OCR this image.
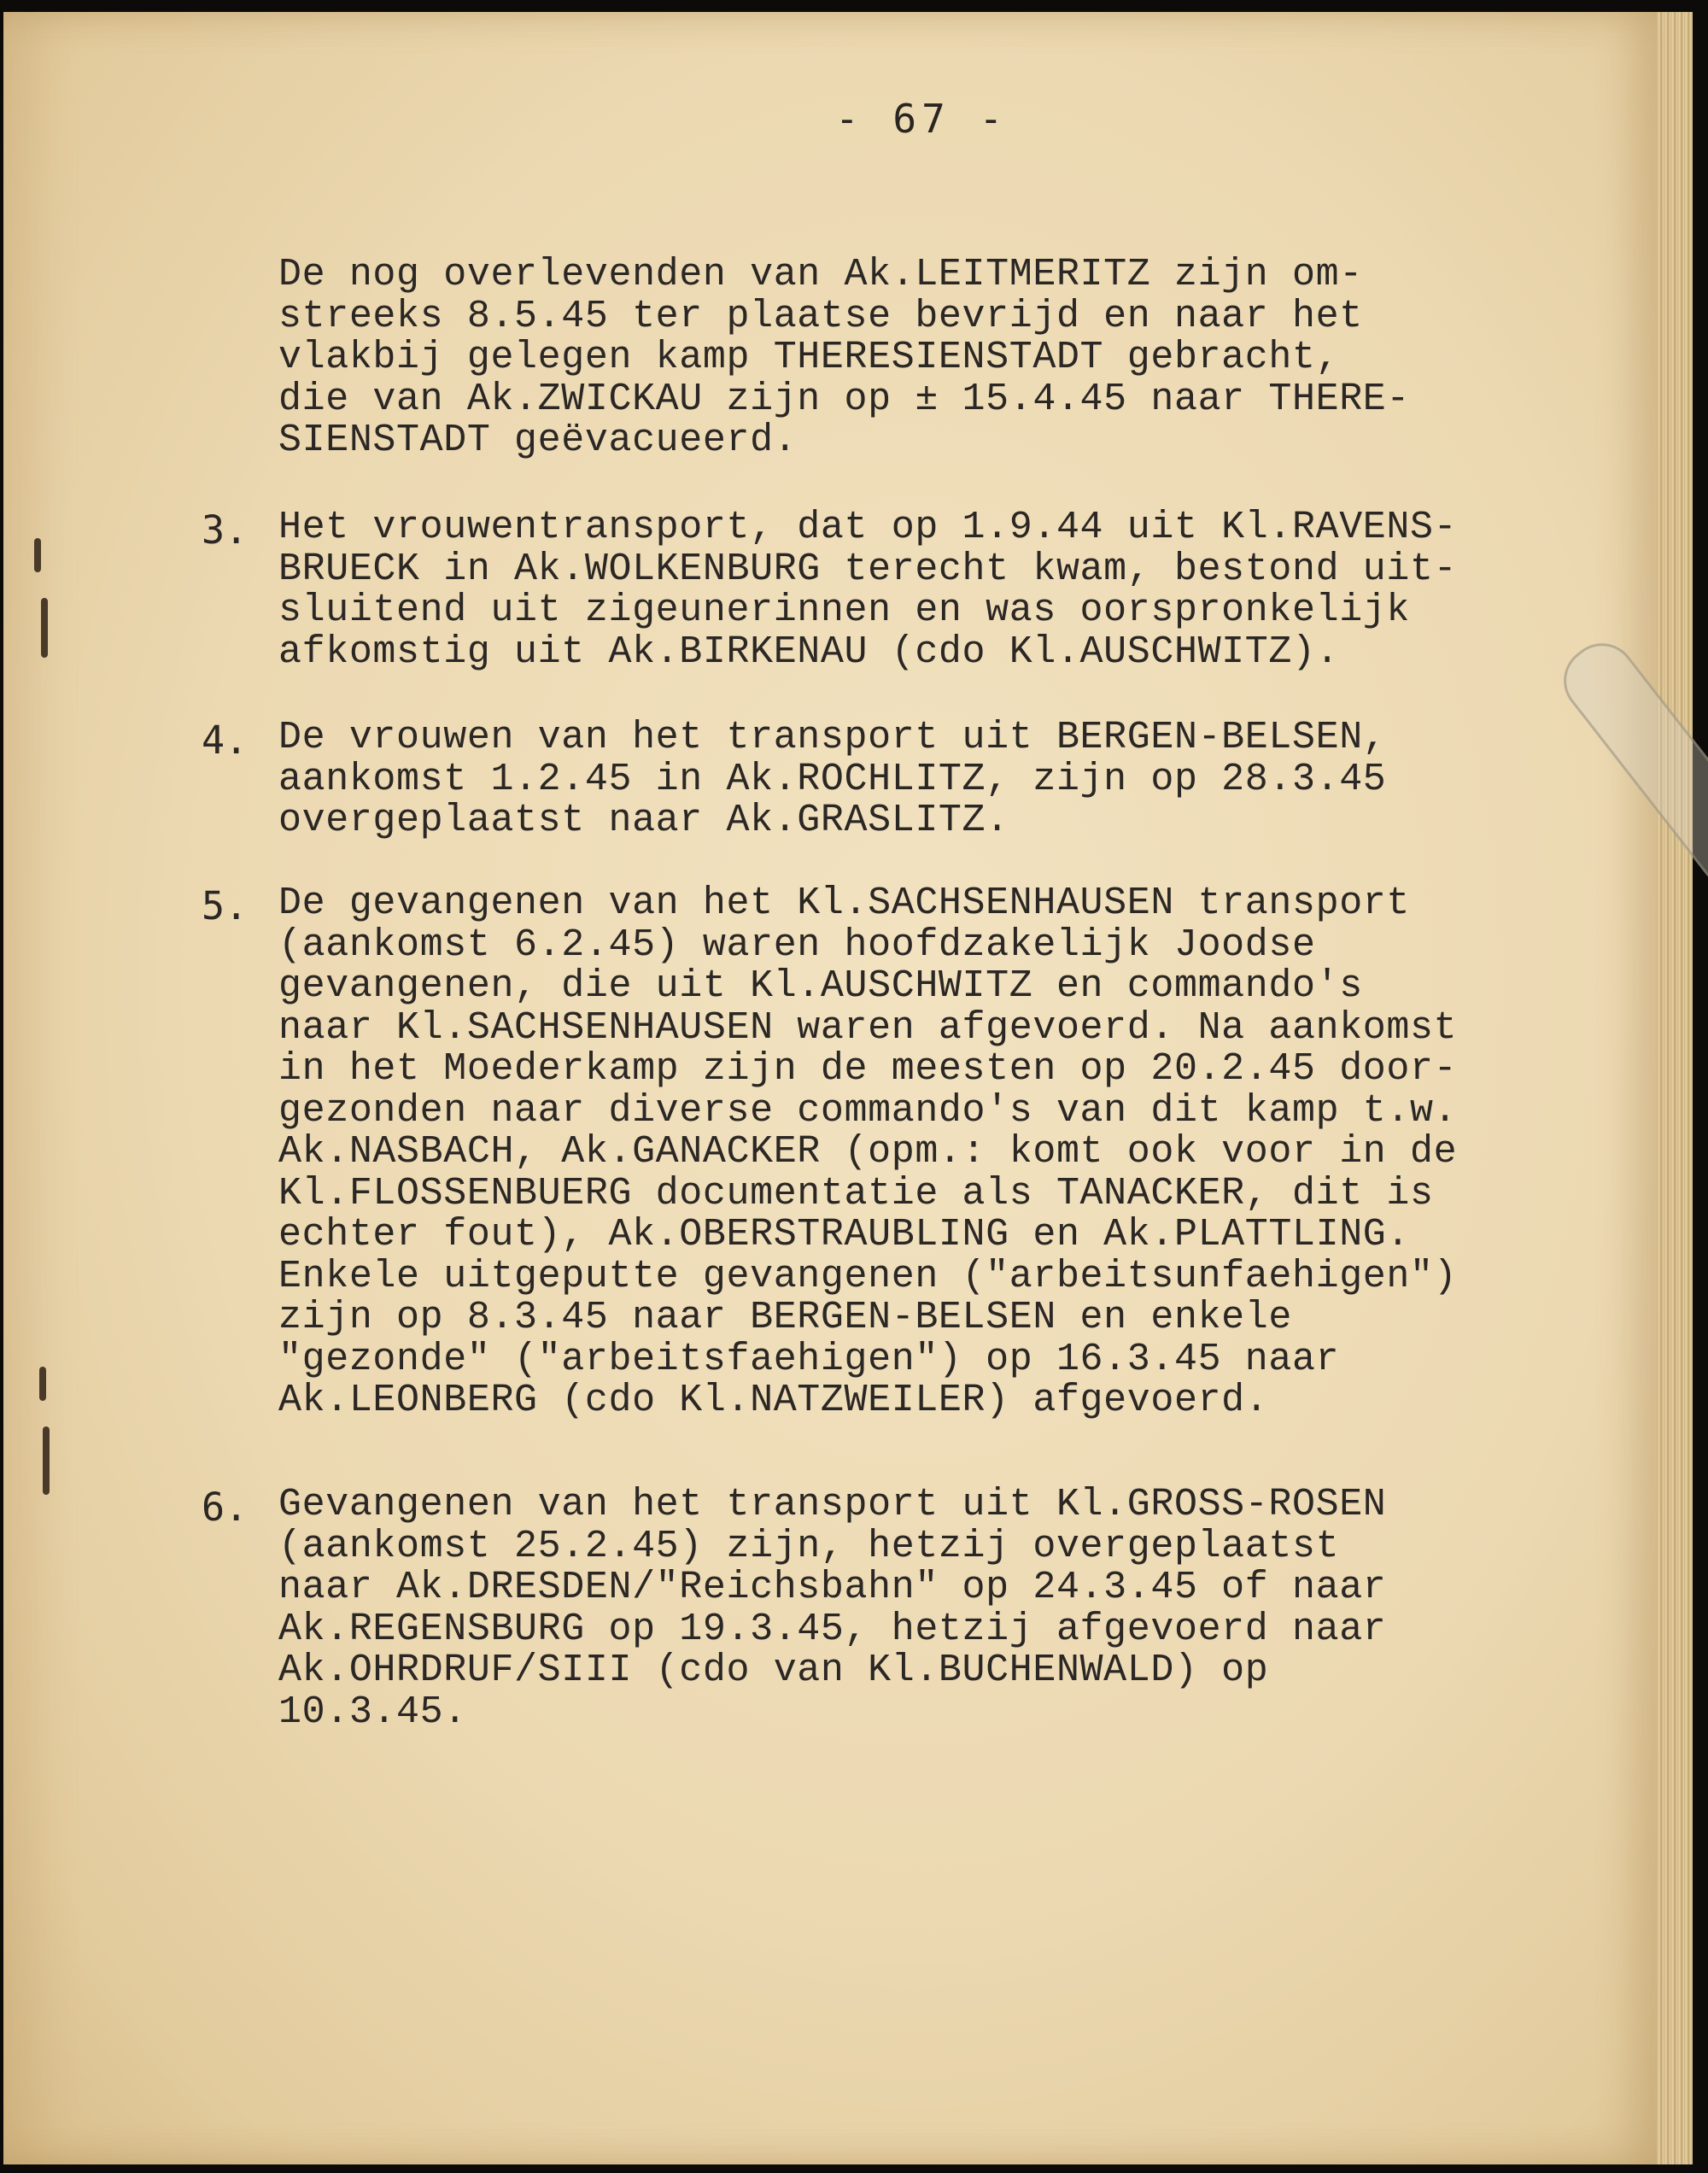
- 67 -
De nog overlevenden van Ak.LEITMERITZ zijn om-
streeks 8.5.45 ter plaatse bevrijd en naar het
vlakbij gelegen kamp THERESIENSTADT gebracht,
die van Ak.ZWICKAU zijn op ± 15.4.45 naar THERE-
SIENSTADT geëvacueerd.
3. Het vrouwentransport, dat op 1.9.44 uit Kl.RAVENS-
BRUECK in Ak.WOLKENBURG terecht kwam, bestond uit-
sluitend uit zigeunerinnen en was oorspronkelijk
afkomstig uit Ak.BIRKENAU (cdo Kl.AUSCHWITZ).
4. De vrouwen van het transport uit BERGEN-BELSEN,
aankomst 1.2.45 in Ak.ROCHLITZ, zijn op 28.3.45
overgeplaatst naar Ak.GRASLITZ.
5. De gevangenen van het Kl.SACHSENHAUSEN transport
(aankomst 6.2.45) waren hoofdzakelijk Joodse
gevangenen, die uit Kl.AUSCHWITZ en commando's
naar Kl.SACHSENHAUSEN waren afgevoerd. Na aankomst
in het Moederkamp zijn de meesten op 20.2.45 door-
gezonden naar diverse commando's van dit kamp t.w.
Ak.NASBACH, Ak.GANACKER (opm.: komt ook voor in de
Kl.FLOSSENBUERG documentatie als TANACKER, dit is
echter fout), Ak.OBERSTRAUBLING en Ak.PLATTLING.
Enkele uitgeputte gevangenen ("arbeitsunfaehigen")
zijn op 8.3.45 naar BERGEN-BELSEN en enkele
"gezonde" ("arbeitsfaehigen") op 16.3.45 naar
Ak.LEONBERG (cdo Kl.NATZWEILER) afgevoerd.
6. Gevangenen van het transport uit Kl.GROSS-ROSEN
(aankomst 25.2.45) zijn, hetzij overgeplaatst
naar Ak.DRESDEN/"Reichsbahn" op 24.3.45 of naar
Ak.REGENSBURG op 19.3.45, hetzij afgevoerd naar
Ak.OHRDRUF/SIII (cdo van Kl.BUCHENWALD) op
10.3.45.
